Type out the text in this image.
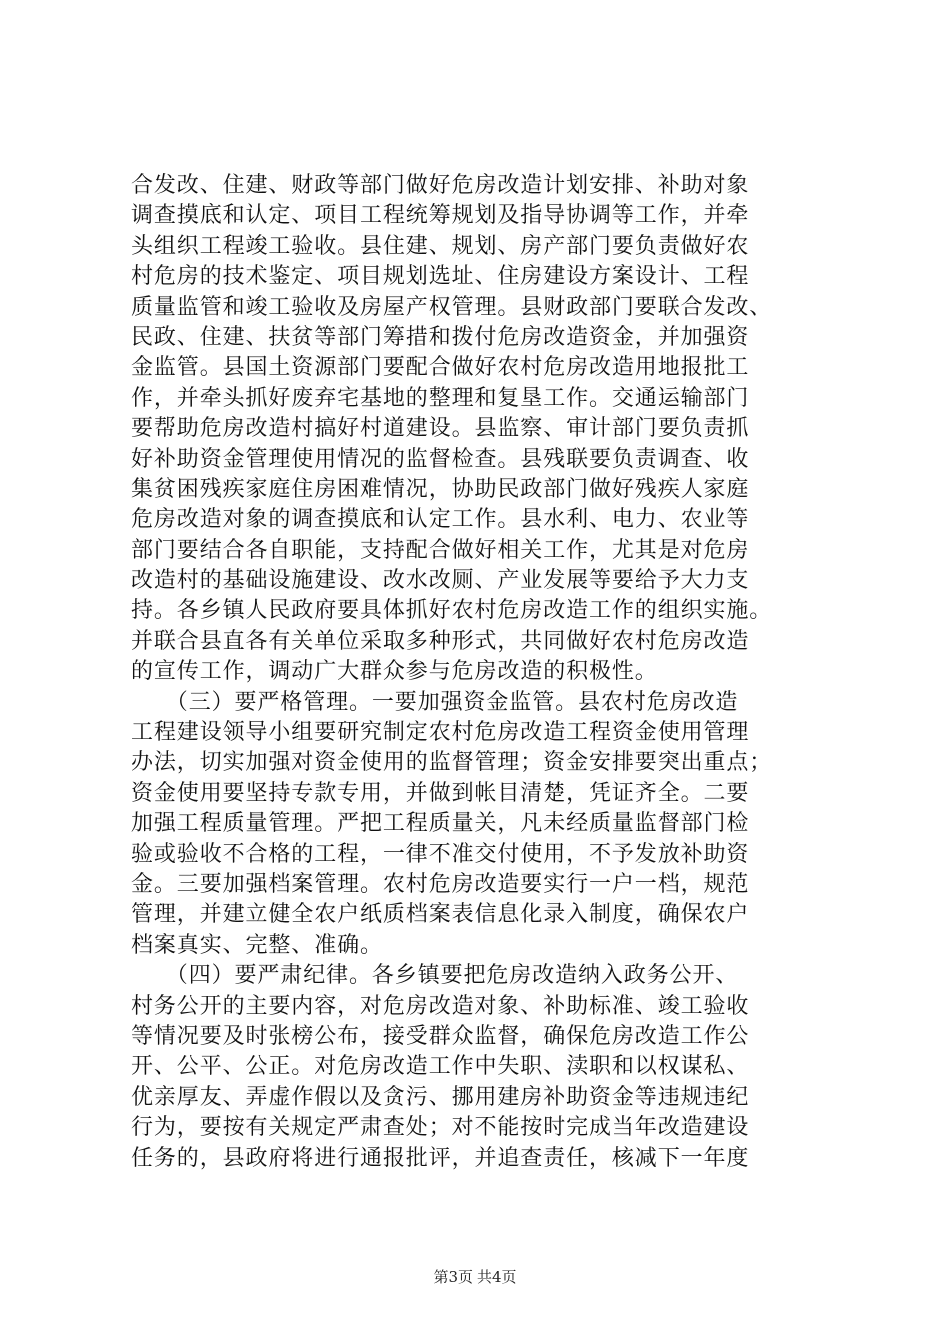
合发改、住建、财政等部门做好危房改造计划安排、补助对象
调查摸底和认定、项目工程统筹规划及指导协调等工作，并牵
头组织工程竣工验收。县住建、规划、房产部门要负责做好农
村危房的技术鉴定、项目规划选址、住房建设方案设计、工程
质量监管和竣工验收及房屋产权管理。县财政部门要联合发改、
民政、住建、扶贫等部门筹措和拨付危房改造资金，并加强资
金监管。县国土资源部门要配合做好农村危房改造用地报批工
作，并牵头抓好废弃宅基地的整理和复垦工作。交通运输部门
要帮助危房改造村搞好村道建设。县监察、审计部门要负责抓
好补助资金管理使用情况的监督检查。县残联要负责调查、收
集贫困残疾家庭住房困难情况，协助民政部门做好残疾人家庭
危房改造对象的调查摸底和认定工作。县水利、电力、农业等
部门要结合各自职能，支持配合做好相关工作，尤其是对危房
改造村的基础设施建设、改水改厕、产业发展等要给予大力支
持。各乡镇人民政府要具体抓好农村危房改造工作的组织实施。
并联合县直各有关单位采取多种形式，共同做好农村危房改造
的宣传工作，调动广大群众参与危房改造的积极性。
　　（三）要严格管理。一要加强资金监管。县农村危房改造
工程建设领导小组要研究制定农村危房改造工程资金使用管理
办法，切实加强对资金使用的监督管理；资金安排要突出重点；
资金使用要坚持专款专用，并做到帐目清楚，凭证齐全。二要
加强工程质量管理。严把工程质量关，凡未经质量监督部门检
验或验收不合格的工程，一律不准交付使用，不予发放补助资
金。三要加强档案管理。农村危房改造要实行一户一档，规范
管理，并建立健全农户纸质档案表信息化录入制度，确保农户
档案真实、完整、准确。
　　（四）要严肃纪律。各乡镇要把危房改造纳入政务公开、
村务公开的主要内容，对危房改造对象、补助标准、竣工验收
等情况要及时张榜公布，接受群众监督，确保危房改造工作公
开、公平、公正。对危房改造工作中失职、渎职和以权谋私、
优亲厚友、弄虚作假以及贪污、挪用建房补助资金等违规违纪
行为，要按有关规定严肃查处；对不能按时完成当年改造建设
任务的，县政府将进行通报批评，并追查责任，核减下一年度
第3页 共4页
